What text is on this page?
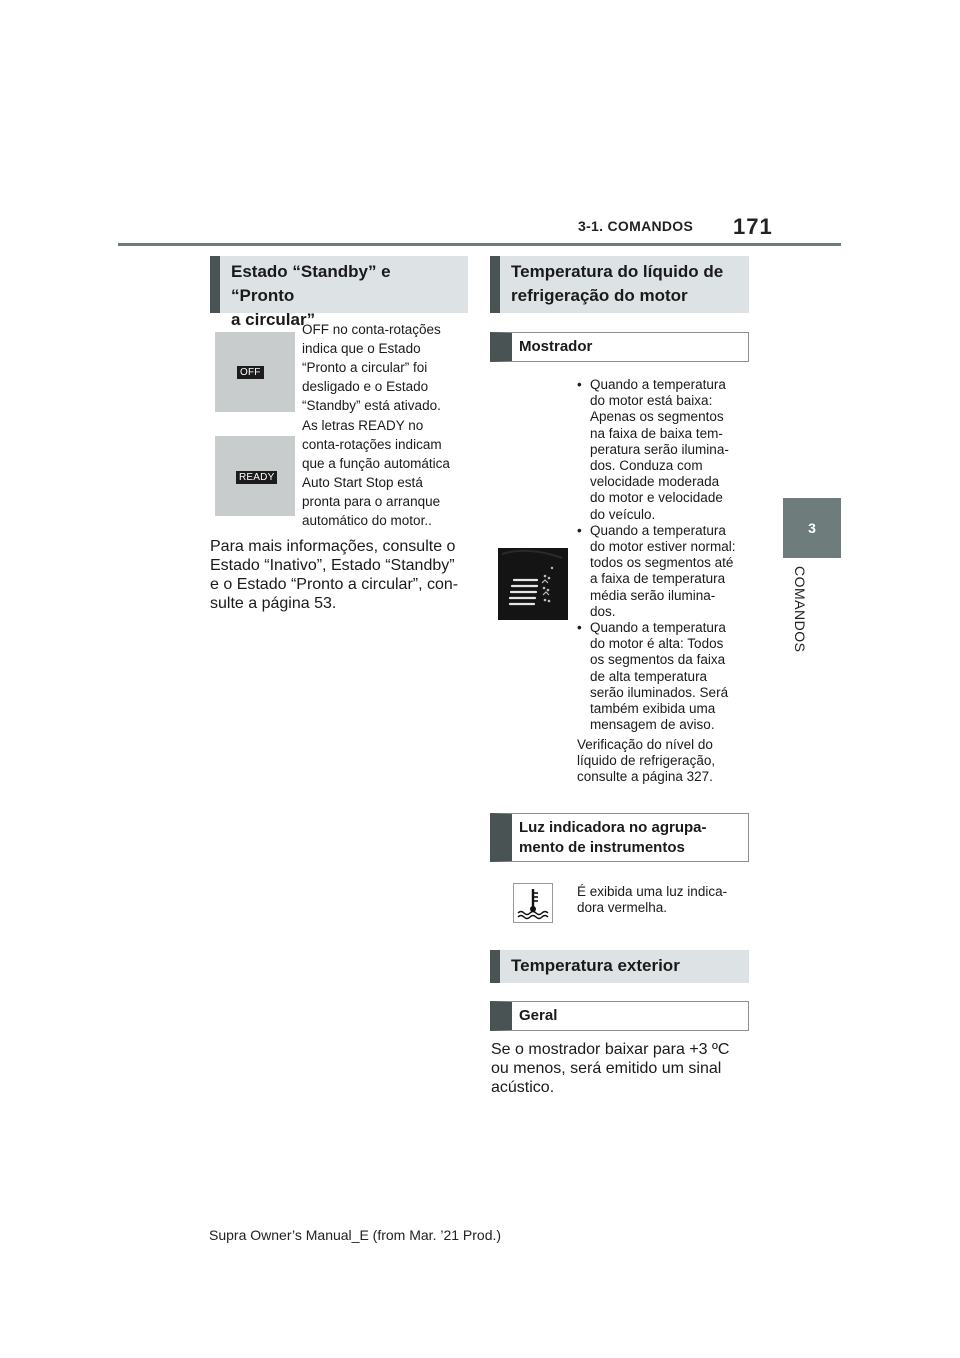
3-1. COMANDOS 171
3
COMANDOS
Estado “Standby” e “Pronto
a circular”
OFF
OFF no conta-rotações
indica que o Estado
“Pronto a circular” foi
desligado e o Estado
“Standby” está ativado.
READY
As letras READY no
conta-rotações indicam
que a função automática
Auto Start Stop está
pronta para o arranque
automático do motor..
Para mais informações, consulte o
Estado “Inativo”, Estado “Standby”
e o Estado “Pronto a circular”, con-
sulte a página 53.
Temperatura do líquido de
refrigeração do motor
Mostrador
• Quando a temperatura
do motor está baixa:
Apenas os segmentos
na faixa de baixa tem-
peratura serão ilumina-
dos. Conduza com
velocidade moderada
do motor e velocidade
do veículo.
• Quando a temperatura
do motor estiver normal:
todos os segmentos até
a faixa de temperatura
média serão ilumina-
dos.
• Quando a temperatura
do motor é alta: Todos
os segmentos da faixa
de alta temperatura
serão iluminados. Será
também exibida uma
mensagem de aviso.
Verificação do nível do
líquido de refrigeração,
consulte a página 327.
Luz indicadora no agrupa-
mento de instrumentos
É exibida uma luz indica-
dora vermelha.
Temperatura exterior
Geral
Se o mostrador baixar para +3 ºC
ou menos, será emitido um sinal
acústico.
Supra Owner’s Manual_E (from Mar. ’21 Prod.)
